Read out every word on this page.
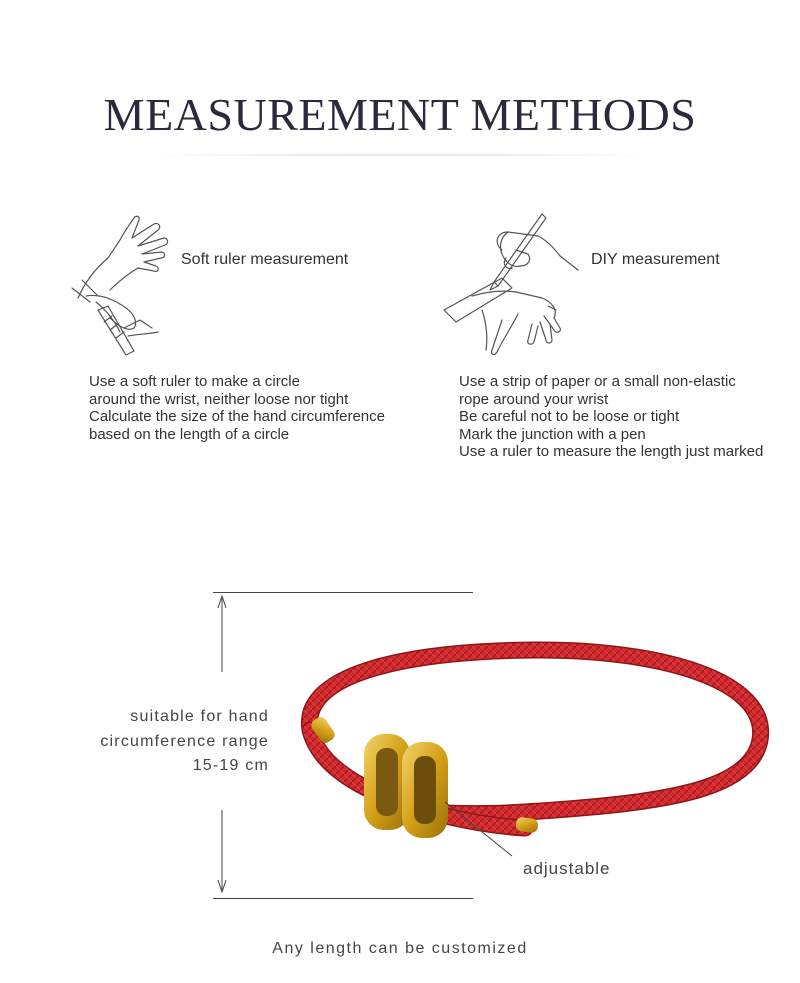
MEASUREMENT METHODS
Soft ruler measurement	DIY measurement
Use a soft ruler to make a circle
around the wrist, neither loose nor tight
Calculate the size of the hand circumference
based on the length of a circle
Use a strip of paper or a small non-elastic
rope around your wrist
Be careful not to be loose or tight
Mark the junction with a pen
Use a ruler to measure the length just marked
suitable for hand
circumference range
15-19 cm
adjustable
Any length can be customized
